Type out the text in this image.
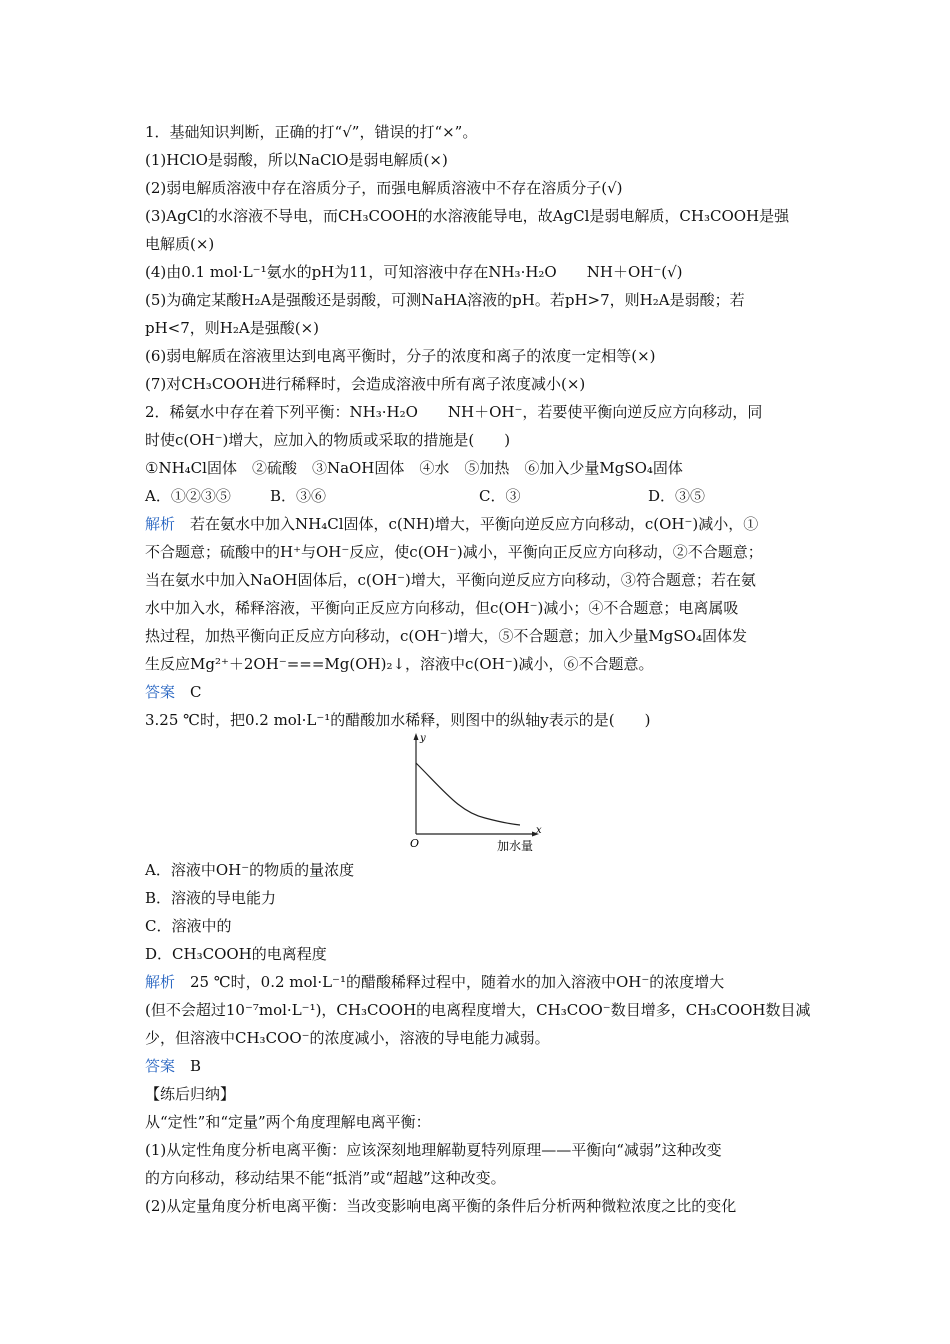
1．基础知识判断，正确的打“√”，错误的打“×”。
(1)HClO是弱酸，所以NaClO是弱电解质(×)
(2)弱电解质溶液中存在溶质分子，而强电解质溶液中不存在溶质分子(√)
(3)AgCl的水溶液不导电，而CH₃COOH的水溶液能导电，故AgCl是弱电解质，CH₃COOH是强
电解质(×)
(4)由0.1 mol·L⁻¹氨水的pH为11，可知溶液中存在NH₃·H₂O　　NH＋OH⁻(√)
(5)为确定某酸H₂A是强酸还是弱酸，可测NaHA溶液的pH。若pH>7，则H₂A是弱酸；若
pH<7，则H₂A是强酸(×)
(6)弱电解质在溶液里达到电离平衡时，分子的浓度和离子的浓度一定相等(×)
(7)对CH₃COOH进行稀释时，会造成溶液中所有离子浓度减小(×)
2．稀氨水中存在着下列平衡：NH₃·H₂O　　NH＋OH⁻，若要使平衡向逆反应方向移动，同
时使c(OH⁻)增大，应加入的物质或采取的措施是(　　)
①NH₄Cl固体　②硫酸　③NaOH固体　④水　⑤加热　⑥加入少量MgSO₄固体
A．①②③⑤	B．③⑥	C．③	D．③⑤
解析　若在氨水中加入NH₄Cl固体，c(NH)增大，平衡向逆反应方向移动，c(OH⁻)减小，①
不合题意；硫酸中的H⁺与OH⁻反应，使c(OH⁻)减小，平衡向正反应方向移动，②不合题意；
当在氨水中加入NaOH固体后，c(OH⁻)增大，平衡向逆反应方向移动，③符合题意；若在氨
水中加入水，稀释溶液，平衡向正反应方向移动，但c(OH⁻)减小；④不合题意；电离属吸
热过程，加热平衡向正反应方向移动，c(OH⁻)增大，⑤不合题意；加入少量MgSO₄固体发
生反应Mg²⁺＋2OH⁻===Mg(OH)₂↓，溶液中c(OH⁻)减小，⑥不合题意。
答案　C
3.25 ℃时，把0.2 mol·L⁻¹的醋酸加水稀释，则图中的纵轴y表示的是(　　)
y
x
O	加水量
A．溶液中OH⁻的物质的量浓度
B．溶液的导电能力
C．溶液中的
D．CH₃COOH的电离程度
解析　25 ℃时，0.2 mol·L⁻¹的醋酸稀释过程中，随着水的加入溶液中OH⁻的浓度增大
(但不会超过10⁻⁷mol·L⁻¹)，CH₃COOH的电离程度增大，CH₃COO⁻数目增多，CH₃COOH数目减
少，但溶液中CH₃COO⁻的浓度减小，溶液的导电能力减弱。
答案　B
【练后归纳】
从“定性”和“定量”两个角度理解电离平衡：
(1)从定性角度分析电离平衡：应该深刻地理解勒夏特列原理——平衡向“减弱”这种改变
的方向移动，移动结果不能“抵消”或“超越”这种改变。
(2)从定量角度分析电离平衡：当改变影响电离平衡的条件后分析两种微粒浓度之比的变化
